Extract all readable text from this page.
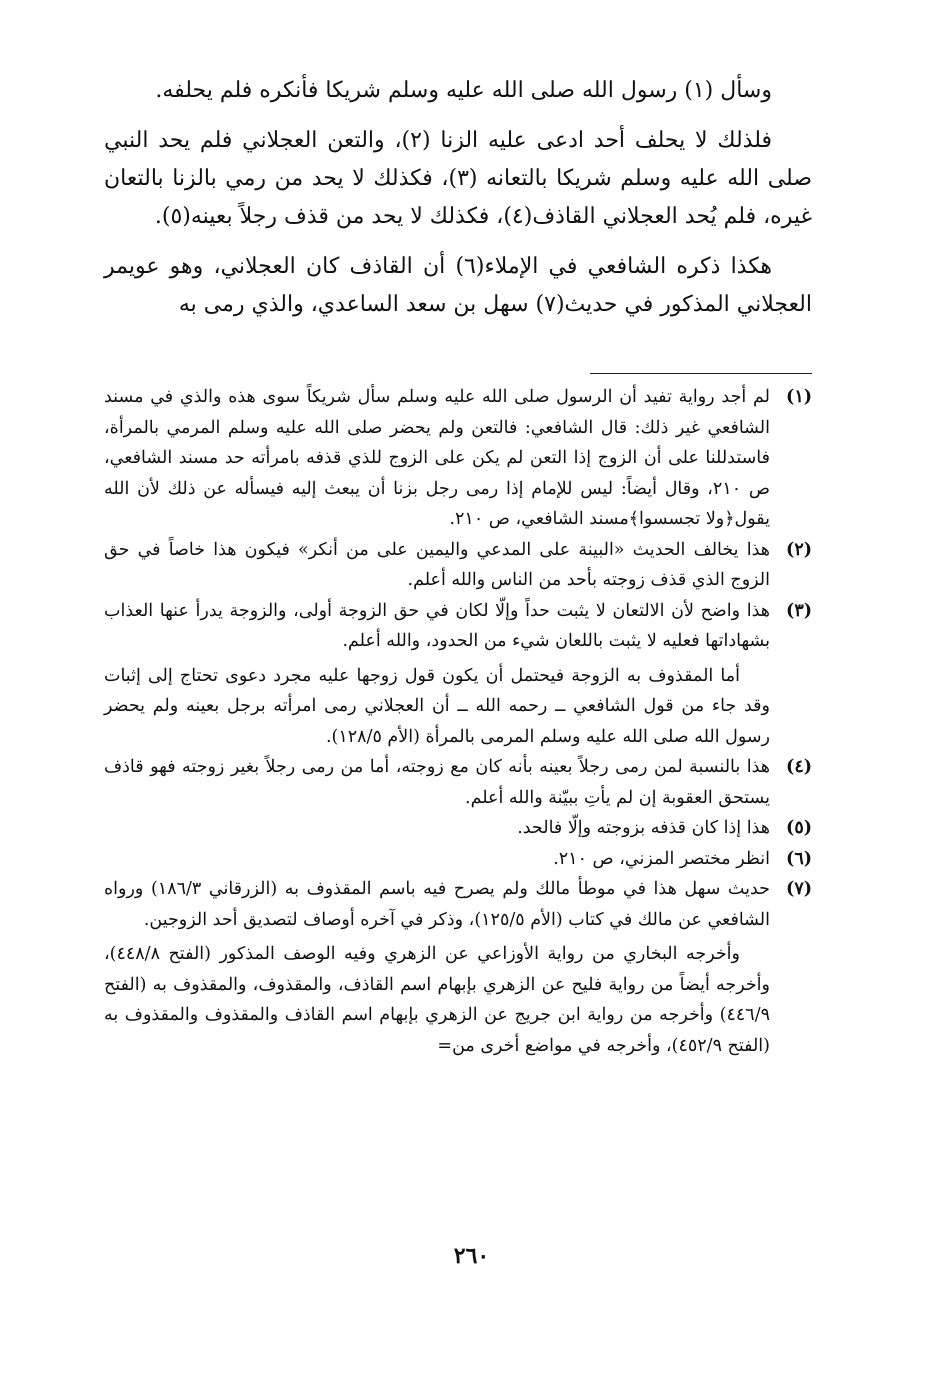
وسأل (١) رسول الله صلى الله عليه وسلم شريكا فأنكره فلم يحلفه.

فلذلك لا يحلف أحد ادعى عليه الزنا (٢)، والتعن العجلاني فلم يحد النبي صلى الله عليه وسلم شريكا بالتعانه (٣)، فكذلك لا يحد من رمي بالزنا بالتعان غيره، فلم يُحد العجلاني القاذف(٤)، فكذلك لا يحد من قذف رجلاً بعينه(٥).

هكذا ذكره الشافعي في الإملاء(٦) أن القاذف كان العجلاني، وهو عويمر العجلاني المذكور في حديث(٧) سهل بن سعد الساعدي، والذي رمى به

(١)
لم أجد رواية تفيد أن الرسول صلى الله عليه وسلم سأل شريكاً سوى هذه والذي في مسند الشافعي غير ذلك: قال الشافعي: فالتعن ولم يحضر صلى الله عليه وسلم المرمي بالمرأة، فاستدللنا على أن الزوج إذا التعن لم يكن على الزوج للذي قذفه بامرأته حد مسند الشافعي، ص ٢١٠، وقال أيضاً: ليس للإمام إذا رمى رجل بزنا أن يبعث إليه فيسأله عن ذلك لأن الله يقول﴿ولا تجسسوا﴾مسند الشافعي، ص ٢١٠.
(٢)
هذا يخالف الحديث «البينة على المدعي واليمين على من أنكر» فيكون هذا خاصاً في حق الزوج الذي قذف زوجته بأحد من الناس والله أعلم.
(٣)
هذا واضح لأن الالتعان لا يثبت حداً وإلّا لكان في حق الزوجة أولى، والزوجة يدرأ عنها العذاب بشهاداتها فعليه لا يثبت باللعان شيء من الحدود، والله أعلم.
أما المقذوف به الزوجة فيحتمل أن يكون قول زوجها عليه مجرد دعوى تحتاج إلى إثبات وقد جاء من قول الشافعي ــ رحمه الله ــ أن العجلاني رمى امرأته برجل بعينه ولم يحضر رسول الله صلى الله عليه وسلم المرمى بالمرأة (الأم ١٢٨/٥).
(٤)
هذا بالنسبة لمن رمى رجلاً بعينه بأنه كان مع زوجته، أما من رمى رجلاً بغير زوجته فهو قاذف يستحق العقوبة إن لم يأتِ ببيّنة والله أعلم.
(٥)
هذا إذا كان قذفه بزوجته وإلّا فالحد.
(٦)
انظر مختصر المزني، ص ٢١٠.
(٧)
حديث سهل هذا في موطأ مالك ولم يصرح فيه باسم المقذوف به (الزرقاني ١٨٦/٣) ورواه الشافعي عن مالك في كتاب (الأم ١٢٥/٥)، وذكر في آخره أوصاف لتصديق أحد الزوجين.
وأخرجه البخاري من رواية الأوزاعي عن الزهري وفيه الوصف المذكور (الفتح ٤٤٨/٨)، وأخرجه أيضاً من رواية فليح عن الزهري بإبهام اسم القاذف، والمقذوف، والمقذوف به (الفتح ٤٤٦/٩) وأخرجه من رواية ابن جريج عن الزهري بإبهام اسم القاذف والمقذوف والمقذوف به (الفتح ٤٥٢/٩)، وأخرجه في مواضع أخرى من=
٢٦٠
